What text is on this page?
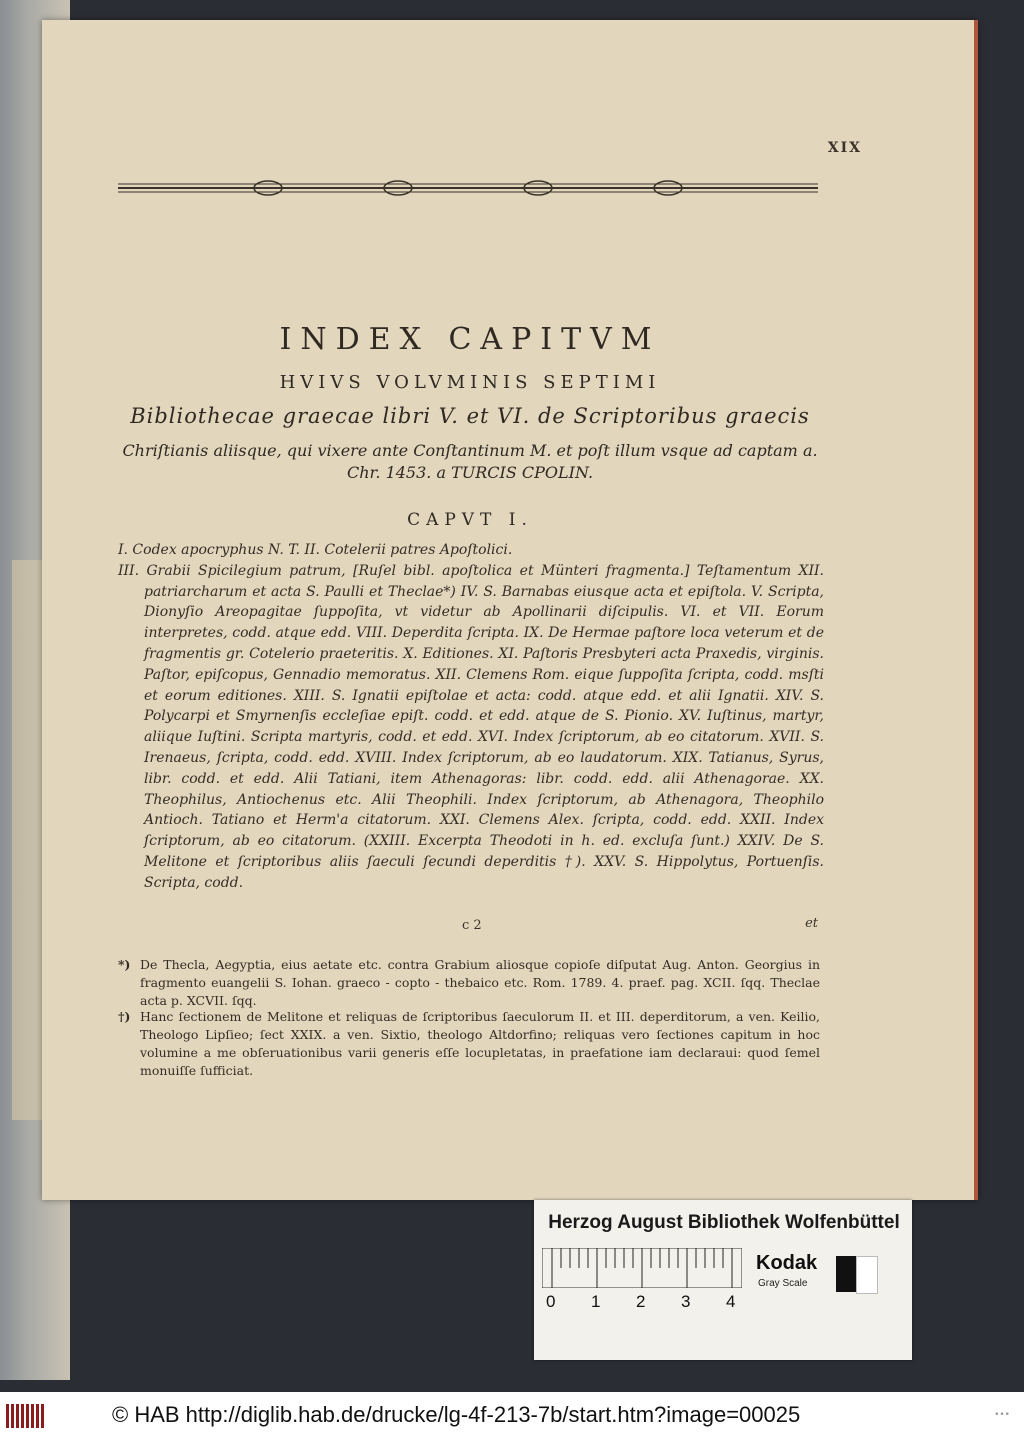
XIX
INDEX CAPITVM
HVIVS VOLVMINIS SEPTIMI
Bibliothecae graecae libri V. et VI. de Scriptoribus graecis
Chriſtianis aliisque, qui vixere ante Conſtantinum M. et poſt illum vsque ad captam a. Chr. 1453. a TURCIS CPOLIN.
CAPVT I.
I. Codex apocryphus N. T. II. Cotelerii patres Apoſtolici.
III. Grabii Spicilegium patrum, [Ruſel bibl. apoſtolica et Münteri fragmenta.] Teſtamentum XII. patriarcharum et acta S. Paulli et Theclae*) IV. S. Barnabas eiusque acta et epiſtola. V. Scripta, Dionyſio Areopagitae ſuppoſita, vt videtur ab Apollinarii diſcipulis. VI. et VII. Eorum interpretes, codd. atque edd. VIII. Deperdita ſcripta. IX. De Hermae paſtore loca veterum et de fragmentis gr. Cotelerio praeteritis. X. Editiones. XI. Paſtoris Presbyteri acta Praxedis, virginis. Paſtor, epiſcopus, Gennadio memoratus. XII. Clemens Rom. eique ſuppoſita ſcripta, codd. msſti et eorum editiones. XIII. S. Ignatii epiſtolae et acta: codd. atque edd. et alii Ignatii. XIV. S. Polycarpi et Smyrnenſis eccleſiae epiſt. codd. et edd. atque de S. Pionio. XV. Iuſtinus, martyr, aliique Iuſtini. Scripta martyris, codd. et edd. XVI. Index ſcriptorum, ab eo citatorum. XVII. S. Irenaeus, ſcripta, codd. edd. XVIII. Index ſcriptorum, ab eo laudatorum. XIX. Tatianus, Syrus, libr. codd. et edd. Alii Tatiani, item Athenagoras: libr. codd. edd. alii Athenagorae. XX. Theophilus, Antiochenus etc. Alii Theophili. Index ſcriptorum, ab Athenagora, Theophilo Antioch. Tatiano et Herm'a citatorum. XXI. Clemens Alex. ſcripta, codd. edd. XXII. Index ſcriptorum, ab eo citatorum. (XXIII. Excerpta Theodoti in h. ed. excluſa ſunt.) XXIV. De S. Melitone et ſcriptoribus aliis ſaeculi ſecundi deperditis †). XXV. S. Hippolytus, Portuenſis. Scripta, codd.
c 2	et
*) De Thecla, Aegyptia, eius aetate etc. contra Grabium aliosque copioſe diſputat Aug. Anton. Georgius in fragmento euangelii S. Iohan. graeco - copto - thebaico etc. Rom. 1789. 4. praef. pag. XCII. ſqq. Theclae acta p. XCVII. ſqq.
†) Hanc ſectionem de Melitone et reliquas de ſcriptoribus ſaeculorum II. et III. deperditorum, a ven. Keilio, Theologo Lipſieo; ſect XXIX. a ven. Sixtio, theologo Altdorfino; reliquas vero ſectiones capitum in hoc volumine a me obſeruationibus varii generis eſſe locupletatas, in praefatione iam declaraui: quod ſemel monuiſſe ſufficiat.
Herzog August Bibliothek Wolfenbüttel
0 1 2 3 4
Kodak
Gray Scale
© HAB http://diglib.hab.de/drucke/lg-4f-213-7b/start.htm?image=00025	•••
